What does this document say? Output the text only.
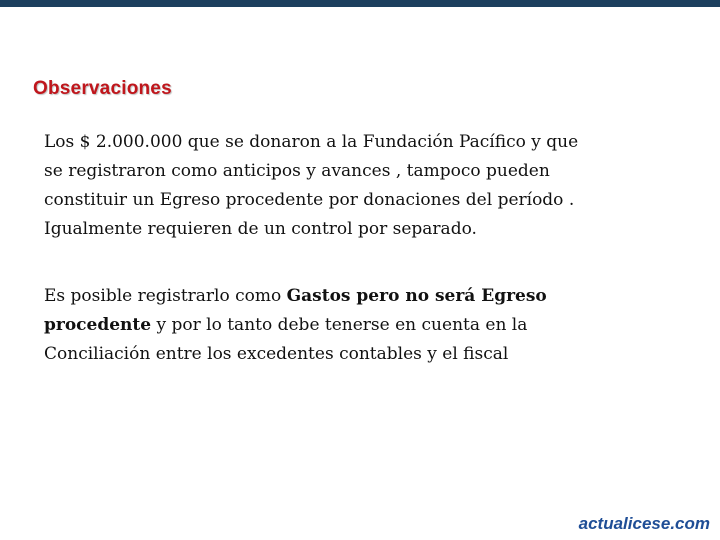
Observaciones

Los $ 2.000.000 que se donaron a la Fundación Pacífico y que
se registraron como anticipos y avances , tampoco pueden
constituir un Egreso procedente por donaciones del período .
Igualmente requieren de un control por separado.

Es posible registrarlo como Gastos pero no será Egreso
procedente y por lo tanto debe tenerse en cuenta en la
Conciliación entre los excedentes contables y el fiscal

actualicese.com
